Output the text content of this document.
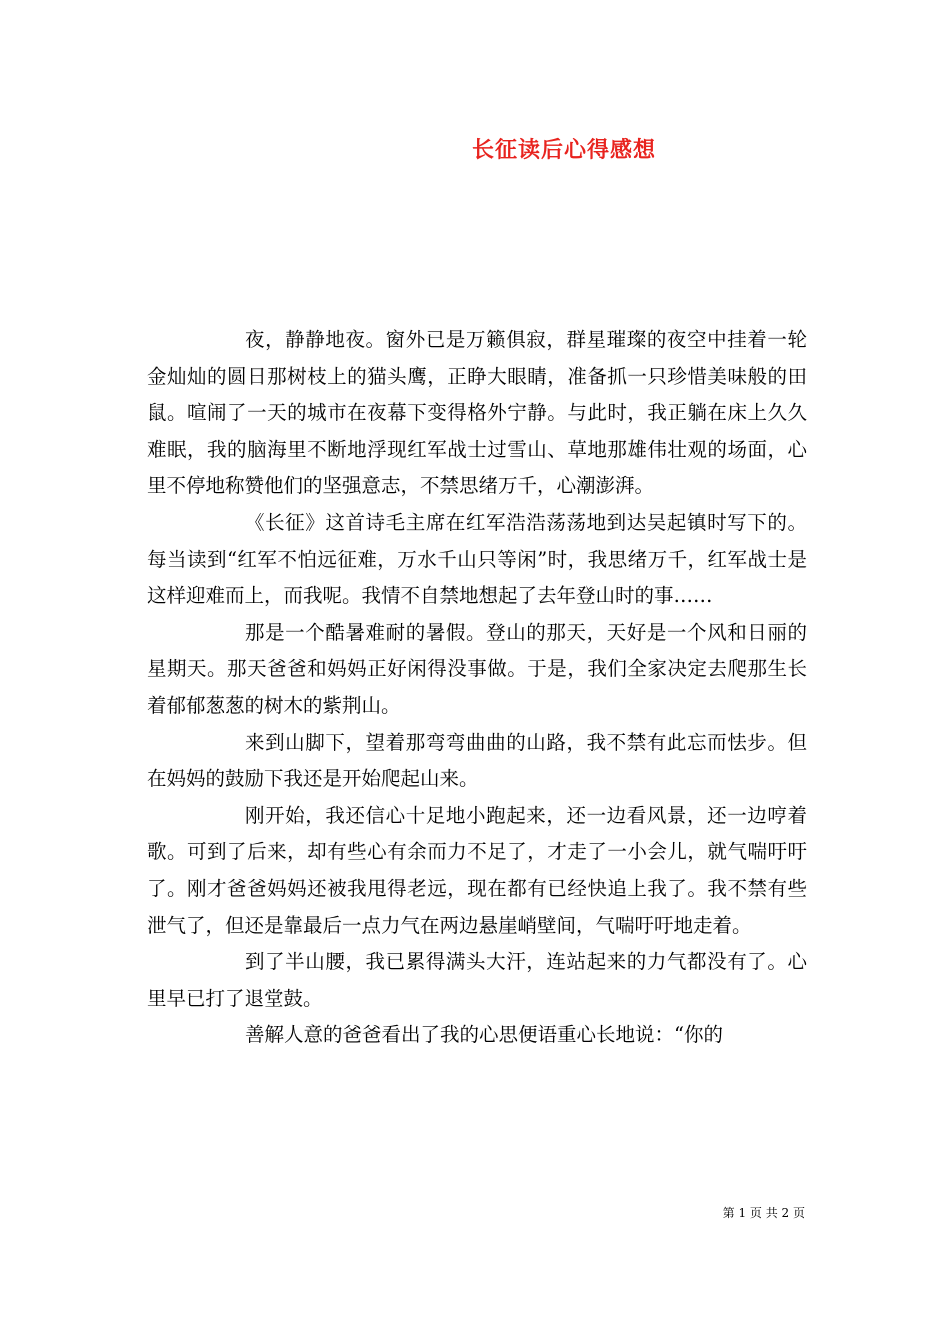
长征读后心得感想

夜，静静地夜。窗外已是万籁俱寂，群星璀璨的夜空中挂着一轮金灿灿的圆日那树枝上的猫头鹰，正睁大眼睛，准备抓一只珍惜美味般的田鼠。喧闹了一天的城市在夜幕下变得格外宁静。与此时，我正躺在床上久久难眠，我的脑海里不断地浮现红军战士过雪山、草地那雄伟壮观的场面，心里不停地称赞他们的坚强意志，不禁思绪万千，心潮澎湃。

《长征》这首诗毛主席在红军浩浩荡荡地到达吴起镇时写下的。每当读到“红军不怕远征难，万水千山只等闲”时，我思绪万千，红军战士是这样迎难而上，而我呢。我情不自禁地想起了去年登山时的事……

那是一个酷暑难耐的暑假。登山的那天，天好是一个风和日丽的星期天。那天爸爸和妈妈正好闲得没事做。于是，我们全家决定去爬那生长着郁郁葱葱的树木的紫荆山。

来到山脚下，望着那弯弯曲曲的山路，我不禁有此忘而怯步。但在妈妈的鼓励下我还是开始爬起山来。

刚开始，我还信心十足地小跑起来，还一边看风景，还一边哼着歌。可到了后来，却有些心有余而力不足了，才走了一小会儿，就气喘吁吁了。刚才爸爸妈妈还被我甩得老远，现在都有已经快追上我了。我不禁有些泄气了，但还是靠最后一点力气在两边悬崖峭壁间，气喘吁吁地走着。

到了半山腰，我已累得满头大汗，连站起来的力气都没有了。心里早已打了退堂鼓。

善解人意的爸爸看出了我的心思便语重心长地说：“你的

第 1 页 共 2 页
